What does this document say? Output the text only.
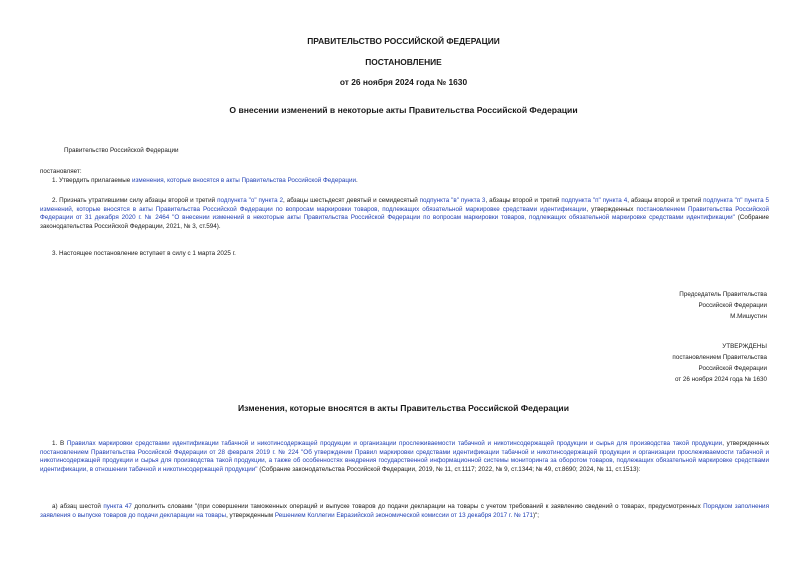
ПРАВИТЕЛЬСТВО РОССИЙСКОЙ ФЕДЕРАЦИИ
ПОСТАНОВЛЕНИЕ
от 26 ноября 2024 года № 1630
О внесении изменений в некоторые акты Правительства Российской Федерации
Правительство Российской Федерации
постановляет:
1. Утвердить прилагаемые изменения, которые вносятся в акты Правительства Российской Федерации.
2. Признать утратившими силу абзацы второй и третий подпункта "о" пункта 2, абзацы шестьдесят девятый и семидесятый подпункта "в" пункта 3, абзацы второй и третий подпункта "п" пункта 4, абзацы второй и третий подпункта "п" пункта 5 изменений, которые вносятся в акты Правительства Российской Федерации по вопросам маркировки товаров, подлежащих обязательной маркировке средствами идентификации, утвержденных постановлением Правительства Российской Федерации от 31 декабря 2020 г. № 2464 "О внесении изменений в некоторые акты Правительства Российской Федерации по вопросам маркировки товаров, подлежащих обязательной маркировке средствами идентификации" (Собрание законодательства Российской Федерации, 2021, № 3, ст.594).
3. Настоящее постановление вступает в силу с 1 марта 2025 г.
Председатель Правительства
Российской Федерации
М.Мишустин
УТВЕРЖДЕНЫ
постановлением Правительства
Российской Федерации
от 26 ноября 2024 года № 1630
Изменения, которые вносятся в акты Правительства Российской Федерации
1. В Правилах маркировки средствами идентификации табачной и никотинсодержащей продукции и организации прослеживаемости табачной и никотинсодержащей продукции и сырья для производства такой продукции, утвержденных постановлением Правительства Российской Федерации от 28 февраля 2019 г. № 224 "Об утверждении Правил маркировки средствами идентификации табачной и никотинсодержащей продукции и организации прослеживаемости табачной и никотинсодержащей продукции и сырья для производства такой продукции, а также об особенностях внедрения государственной информационной системы мониторинга за оборотом товаров, подлежащих обязательной маркировке средствами идентификации, в отношении табачной и никотинсодержащей продукции" (Собрание законодательства Российской Федерации, 2019, № 11, ст.1117; 2022, № 9, ст.1344; № 49, ст.8690; 2024, № 11, ст.1513):
а) абзац шестой пункта 47 дополнить словами "(при совершении таможенных операций и выпуске товаров до подачи декларации на товары с учетом требований к заявлению сведений о товарах, предусмотренных Порядком заполнения заявления о выпуске товаров до подачи декларации на товары, утвержденным Решением Коллегии Евразийской экономической комиссии от 13 декабря 2017 г. № 171)";
